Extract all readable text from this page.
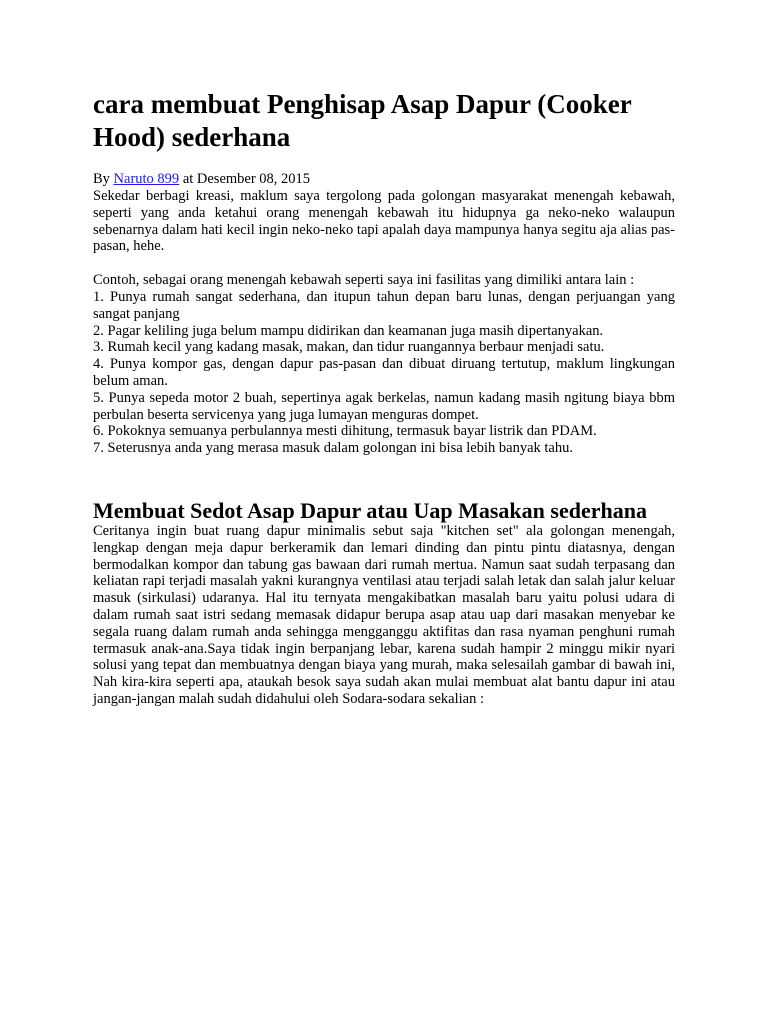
cara membuat Penghisap Asap Dapur (Cooker Hood) sederhana
By Naruto 899 at Desember 08, 2015

Sekedar berbagi kreasi, maklum saya tergolong pada golongan masyarakat menengah kebawah, seperti yang anda ketahui orang menengah kebawah itu hidupnya ga neko-neko walaupun sebenarnya dalam hati kecil ingin neko-neko tapi apalah daya mampunya hanya segitu aja alias pas-pasan, hehe.

Contoh, sebagai orang menengah kebawah seperti saya ini fasilitas yang dimiliki antara lain :

1. Punya rumah sangat sederhana, dan itupun tahun depan baru lunas, dengan perjuangan yang sangat panjang
2. Pagar keliling juga belum mampu didirikan dan keamanan juga masih dipertanyakan.
3. Rumah kecil yang kadang masak, makan, dan tidur ruangannya berbaur menjadi satu.
4. Punya kompor gas, dengan dapur pas-pasan dan dibuat diruang tertutup, maklum lingkungan belum aman.
5. Punya sepeda motor 2 buah, sepertinya agak berkelas, namun kadang masih ngitung biaya bbm perbulan beserta servicenya yang juga lumayan menguras dompet.
6. Pokoknya semuanya perbulannya mesti dihitung, termasuk bayar listrik dan PDAM.
7. Seterusnya anda yang merasa masuk dalam golongan ini bisa lebih banyak tahu.
Membuat Sedot Asap Dapur atau Uap Masakan sederhana

Ceritanya ingin buat ruang dapur minimalis sebut saja "kitchen set" ala golongan menengah, lengkap dengan meja dapur berkeramik dan lemari dinding dan pintu pintu diatasnya, dengan bermodalkan kompor dan tabung gas bawaan dari rumah mertua. Namun saat sudah terpasang dan keliatan rapi terjadi masalah yakni kurangnya ventilasi atau terjadi salah letak dan salah jalur keluar masuk (sirkulasi) udaranya. Hal itu ternyata mengakibatkan masalah baru yaitu polusi udara di dalam rumah saat istri sedang memasak didapur berupa asap atau uap dari masakan menyebar ke segala ruang dalam rumah anda sehingga mengganggu aktifitas dan rasa nyaman penghuni rumah termasuk anak-ana.Saya tidak ingin berpanjang lebar, karena sudah hampir 2 minggu mikir nyari solusi yang tepat dan membuatnya dengan biaya yang murah, maka selesailah gambar di bawah ini, Nah kira-kira seperti apa, ataukah besok saya sudah akan mulai membuat alat bantu dapur ini atau jangan-jangan malah sudah didahului oleh Sodara-sodara sekalian :
